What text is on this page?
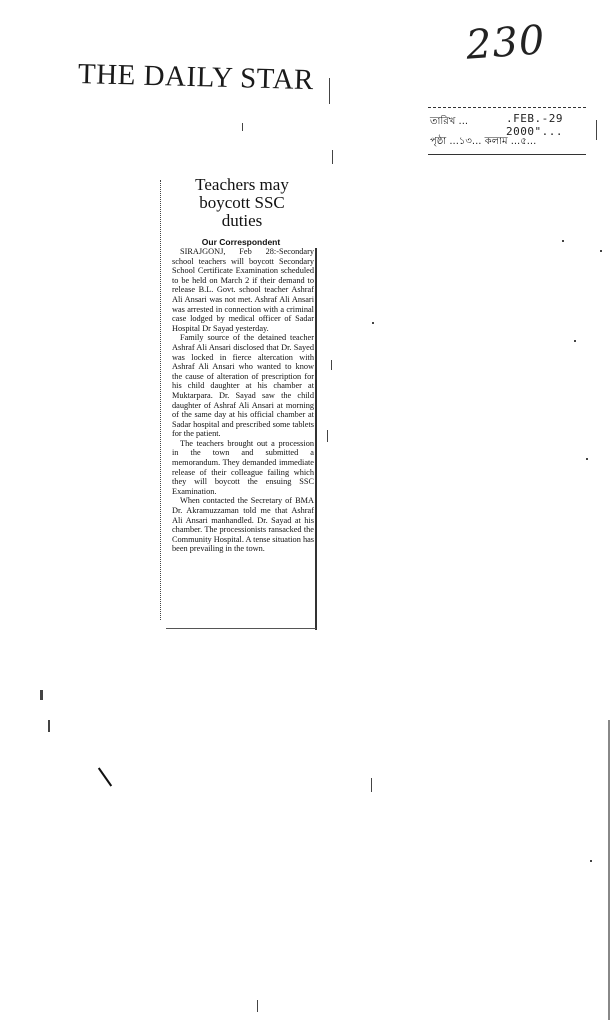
THE DAILY STAR
230
তারিখ ...	.FEB.-29 2000"...
পৃষ্ঠা ...১৩... কলাম ...৫...
Teachers may
boycott SSC
duties
Our Correspondent

SIRAJGONJ, Feb 28:-Secondary school teachers will boycott Secondary School Certificate Examination scheduled to be held on March 2 if their demand to release B.L. Govt. school teacher Ashraf Ali Ansari was not met. Ashraf Ali Ansari was arrested in connection with a criminal case lodged by medical officer of Sadar Hospital Dr Sayad yesterday.

Family source of the detained teacher Ashraf Ali Ansari disclosed that Dr. Sayed was locked in fierce altercation with Ashraf Ali Ansari who wanted to know the cause of alteration of prescription for his child daughter at his chamber at Muktarpara. Dr. Sayad saw the child daughter of Ashraf Ali Ansari at morning of the same day at his official chamber at Sadar hospital and prescribed some tablets for the patient.

The teachers brought out a procession in the town and submitted a memorandum. They demanded immediate release of their colleague failing which they will boycott the ensuing SSC Examination.

When contacted the Secretary of BMA Dr. Akramuzzaman told me that Ashraf Ali Ansari manhandled. Dr. Sayad at his chamber. The processionists ransacked the Community Hospital. A tense situation has been prevailing in the town.
